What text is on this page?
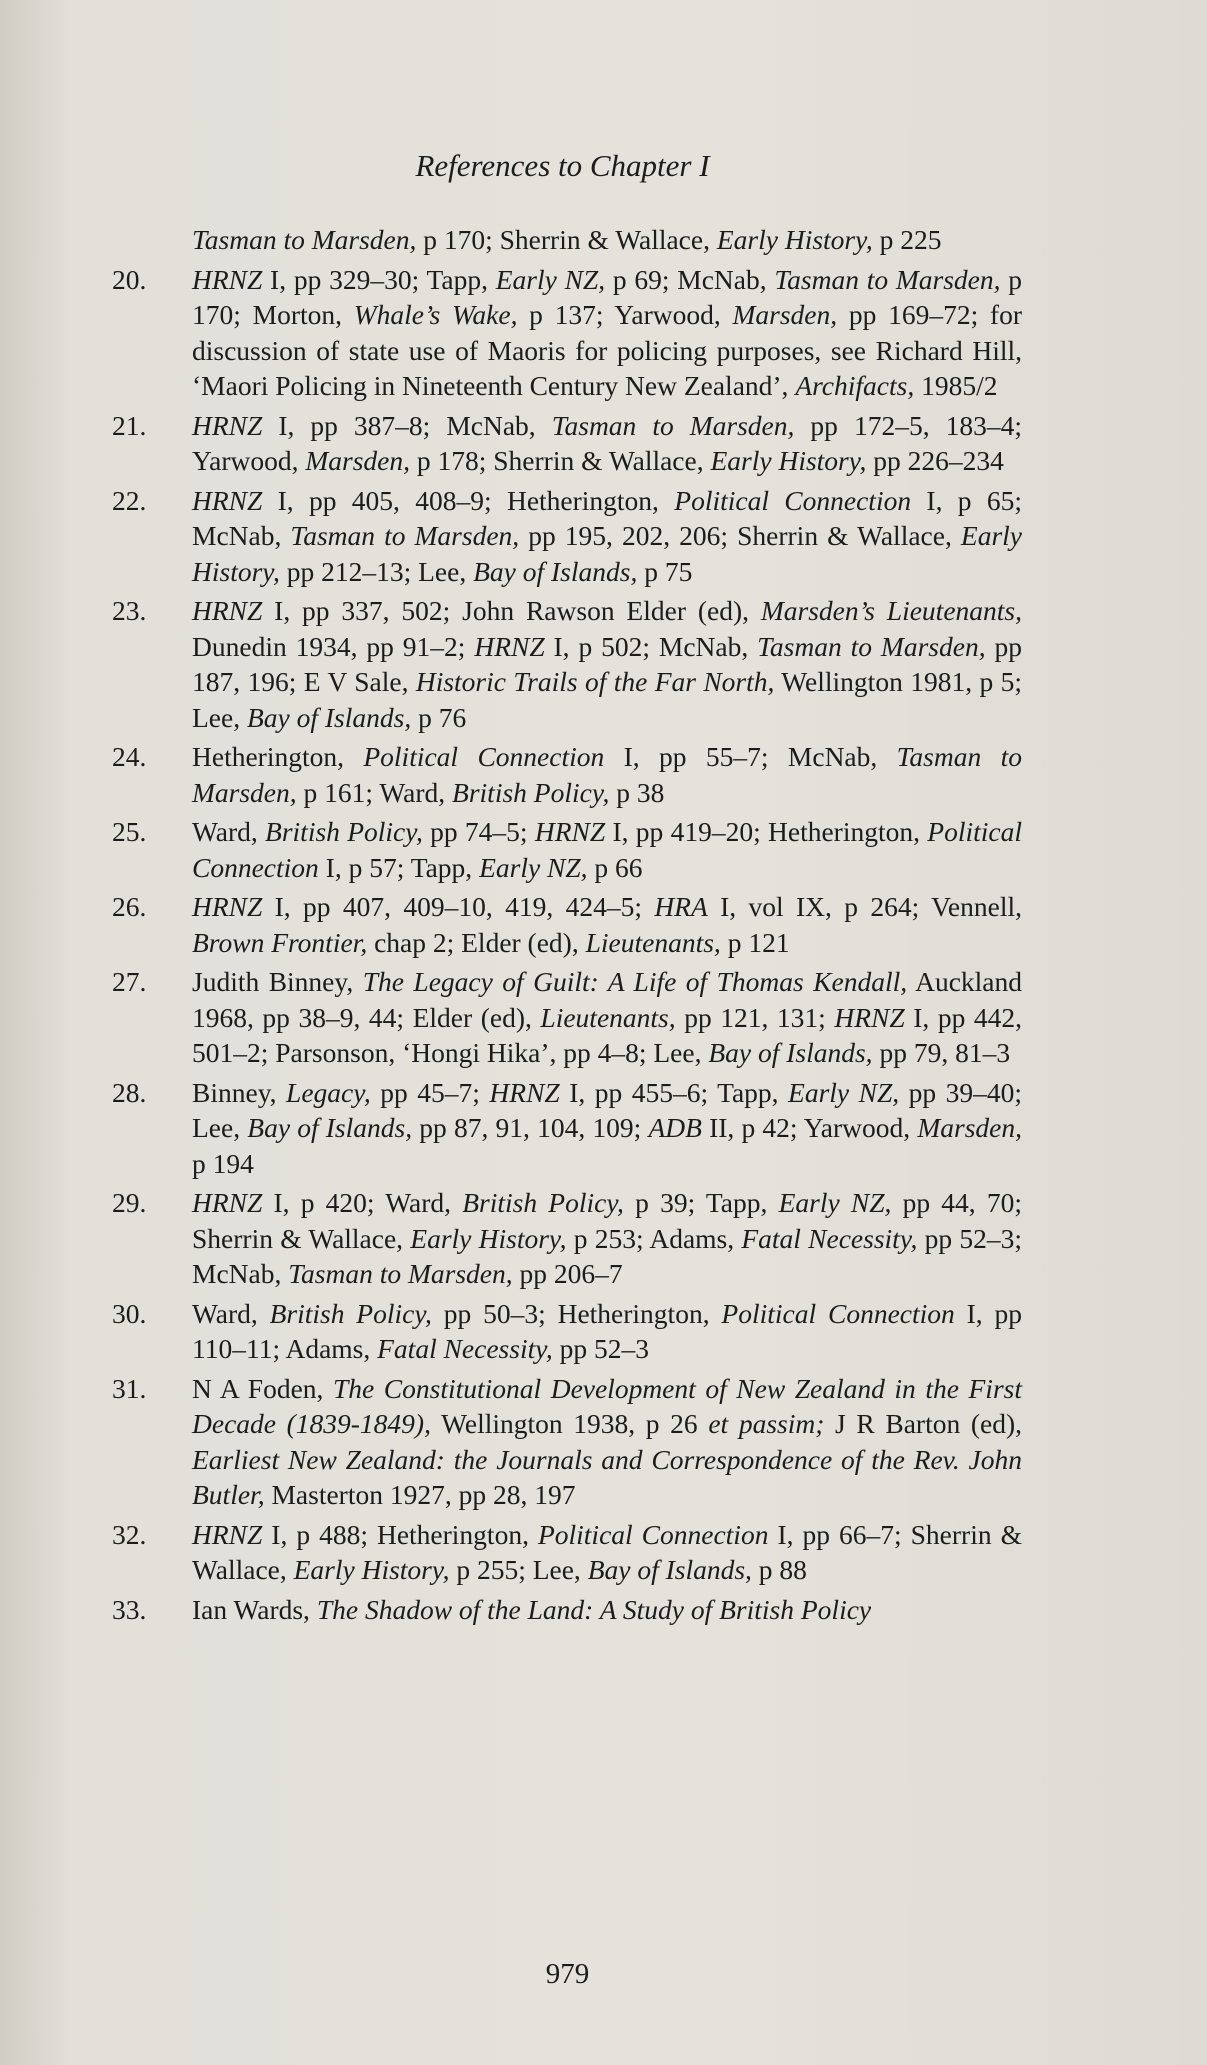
References to Chapter I
Tasman to Marsden, p 170; Sherrin & Wallace, Early History, p 225
20.	HRNZ I, pp 329–30; Tapp, Early NZ, p 69; McNab, Tasman to Marsden, p 170; Morton, Whale’s Wake, p 137; Yarwood, Marsden, pp 169–72; for discussion of state use of Maoris for policing purposes, see Richard Hill, ‘Maori Policing in Nineteenth Century New Zealand’, Archifacts, 1985/2
21.	HRNZ I, pp 387–8; McNab, Tasman to Marsden, pp 172–5, 183–4; Yarwood, Marsden, p 178; Sherrin & Wallace, Early History, pp 226–234
22.	HRNZ I, pp 405, 408–9; Hetherington, Political Connection I, p 65; McNab, Tasman to Marsden, pp 195, 202, 206; Sherrin & Wallace, Early History, pp 212–13; Lee, Bay of Islands, p 75
23.	HRNZ I, pp 337, 502; John Rawson Elder (ed), Marsden’s Lieutenants, Dunedin 1934, pp 91–2; HRNZ I, p 502; McNab, Tasman to Marsden, pp 187, 196; E V Sale, Historic Trails of the Far North, Wellington 1981, p 5; Lee, Bay of Islands, p 76
24.	Hetherington, Political Connection I, pp 55–7; McNab, Tasman to Marsden, p 161; Ward, British Policy, p 38
25.	Ward, British Policy, pp 74–5; HRNZ I, pp 419–20; Hetherington, Political Connection I, p 57; Tapp, Early NZ, p 66
26.	HRNZ I, pp 407, 409–10, 419, 424–5; HRA I, vol IX, p 264; Vennell, Brown Frontier, chap 2; Elder (ed), Lieutenants, p 121
27.	Judith Binney, The Legacy of Guilt: A Life of Thomas Kendall, Auckland 1968, pp 38–9, 44; Elder (ed), Lieutenants, pp 121, 131; HRNZ I, pp 442, 501–2; Parsonson, ‘Hongi Hika’, pp 4–8; Lee, Bay of Islands, pp 79, 81–3
28.	Binney, Legacy, pp 45–7; HRNZ I, pp 455–6; Tapp, Early NZ, pp 39–40; Lee, Bay of Islands, pp 87, 91, 104, 109; ADB II, p 42; Yarwood, Marsden, p 194
29.	HRNZ I, p 420; Ward, British Policy, p 39; Tapp, Early NZ, pp 44, 70; Sherrin & Wallace, Early History, p 253; Adams, Fatal Necessity, pp 52–3; McNab, Tasman to Marsden, pp 206–7
30.	Ward, British Policy, pp 50–3; Hetherington, Political Connection I, pp 110–11; Adams, Fatal Necessity, pp 52–3
31.	N A Foden, The Constitutional Development of New Zealand in the First Decade (1839-1849), Wellington 1938, p 26 et passim; J R Barton (ed), Earliest New Zealand: the Journals and Correspondence of the Rev. John Butler, Masterton 1927, pp 28, 197
32.	HRNZ I, p 488; Hetherington, Political Connection I, pp 66–7; Sherrin & Wallace, Early History, p 255; Lee, Bay of Islands, p 88
33.	Ian Wards, The Shadow of the Land: A Study of British Policy
979
